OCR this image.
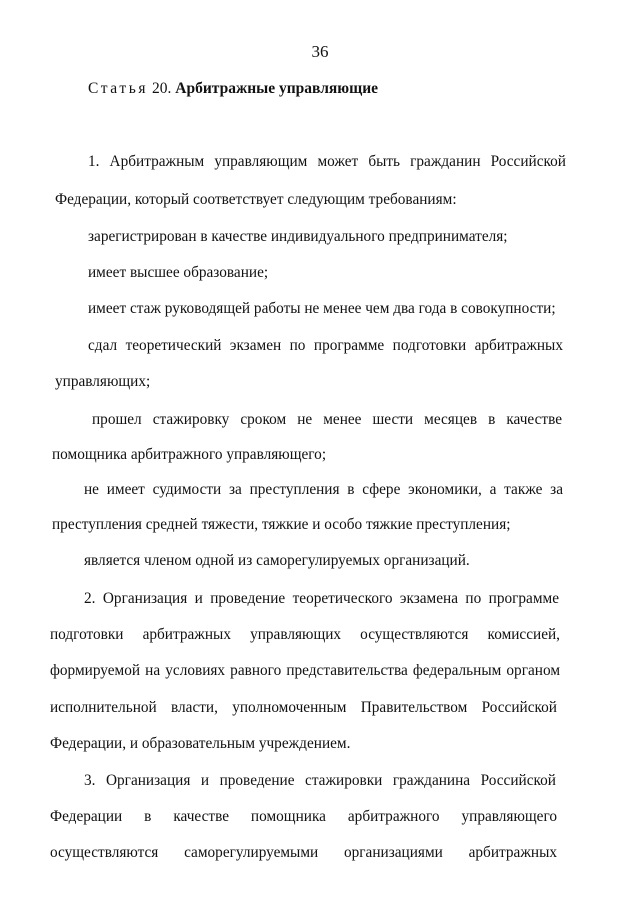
36
Статья 20. Арбитражные управляющие
1. Арбитражным управляющим может быть гражданин Российской
Федерации, который соответствует следующим требованиям:
зарегистрирован в качестве индивидуального предпринимателя;
имеет высшее образование;
имеет стаж руководящей работы не менее чем два года в совокупности;
сдал теоретический экзамен по программе подготовки арбитражных
управляющих;
прошел стажировку сроком не менее шести месяцев в качестве
помощника арбитражного управляющего;
не имеет судимости за преступления в сфере экономики, а также за
преступления средней тяжести, тяжкие и особо тяжкие преступления;
является членом одной из саморегулируемых организаций.
2. Организация и проведение теоретического экзамена по программе
подготовки арбитражных управляющих осуществляются комиссией,
формируемой на условиях равного представительства федеральным органом
исполнительной власти, уполномоченным Правительством Российской
Федерации, и образовательным учреждением.
3. Организация и проведение стажировки гражданина Российской
Федерации в качестве помощника арбитражного управляющего
осуществляются саморегулируемыми организациями арбитражных
